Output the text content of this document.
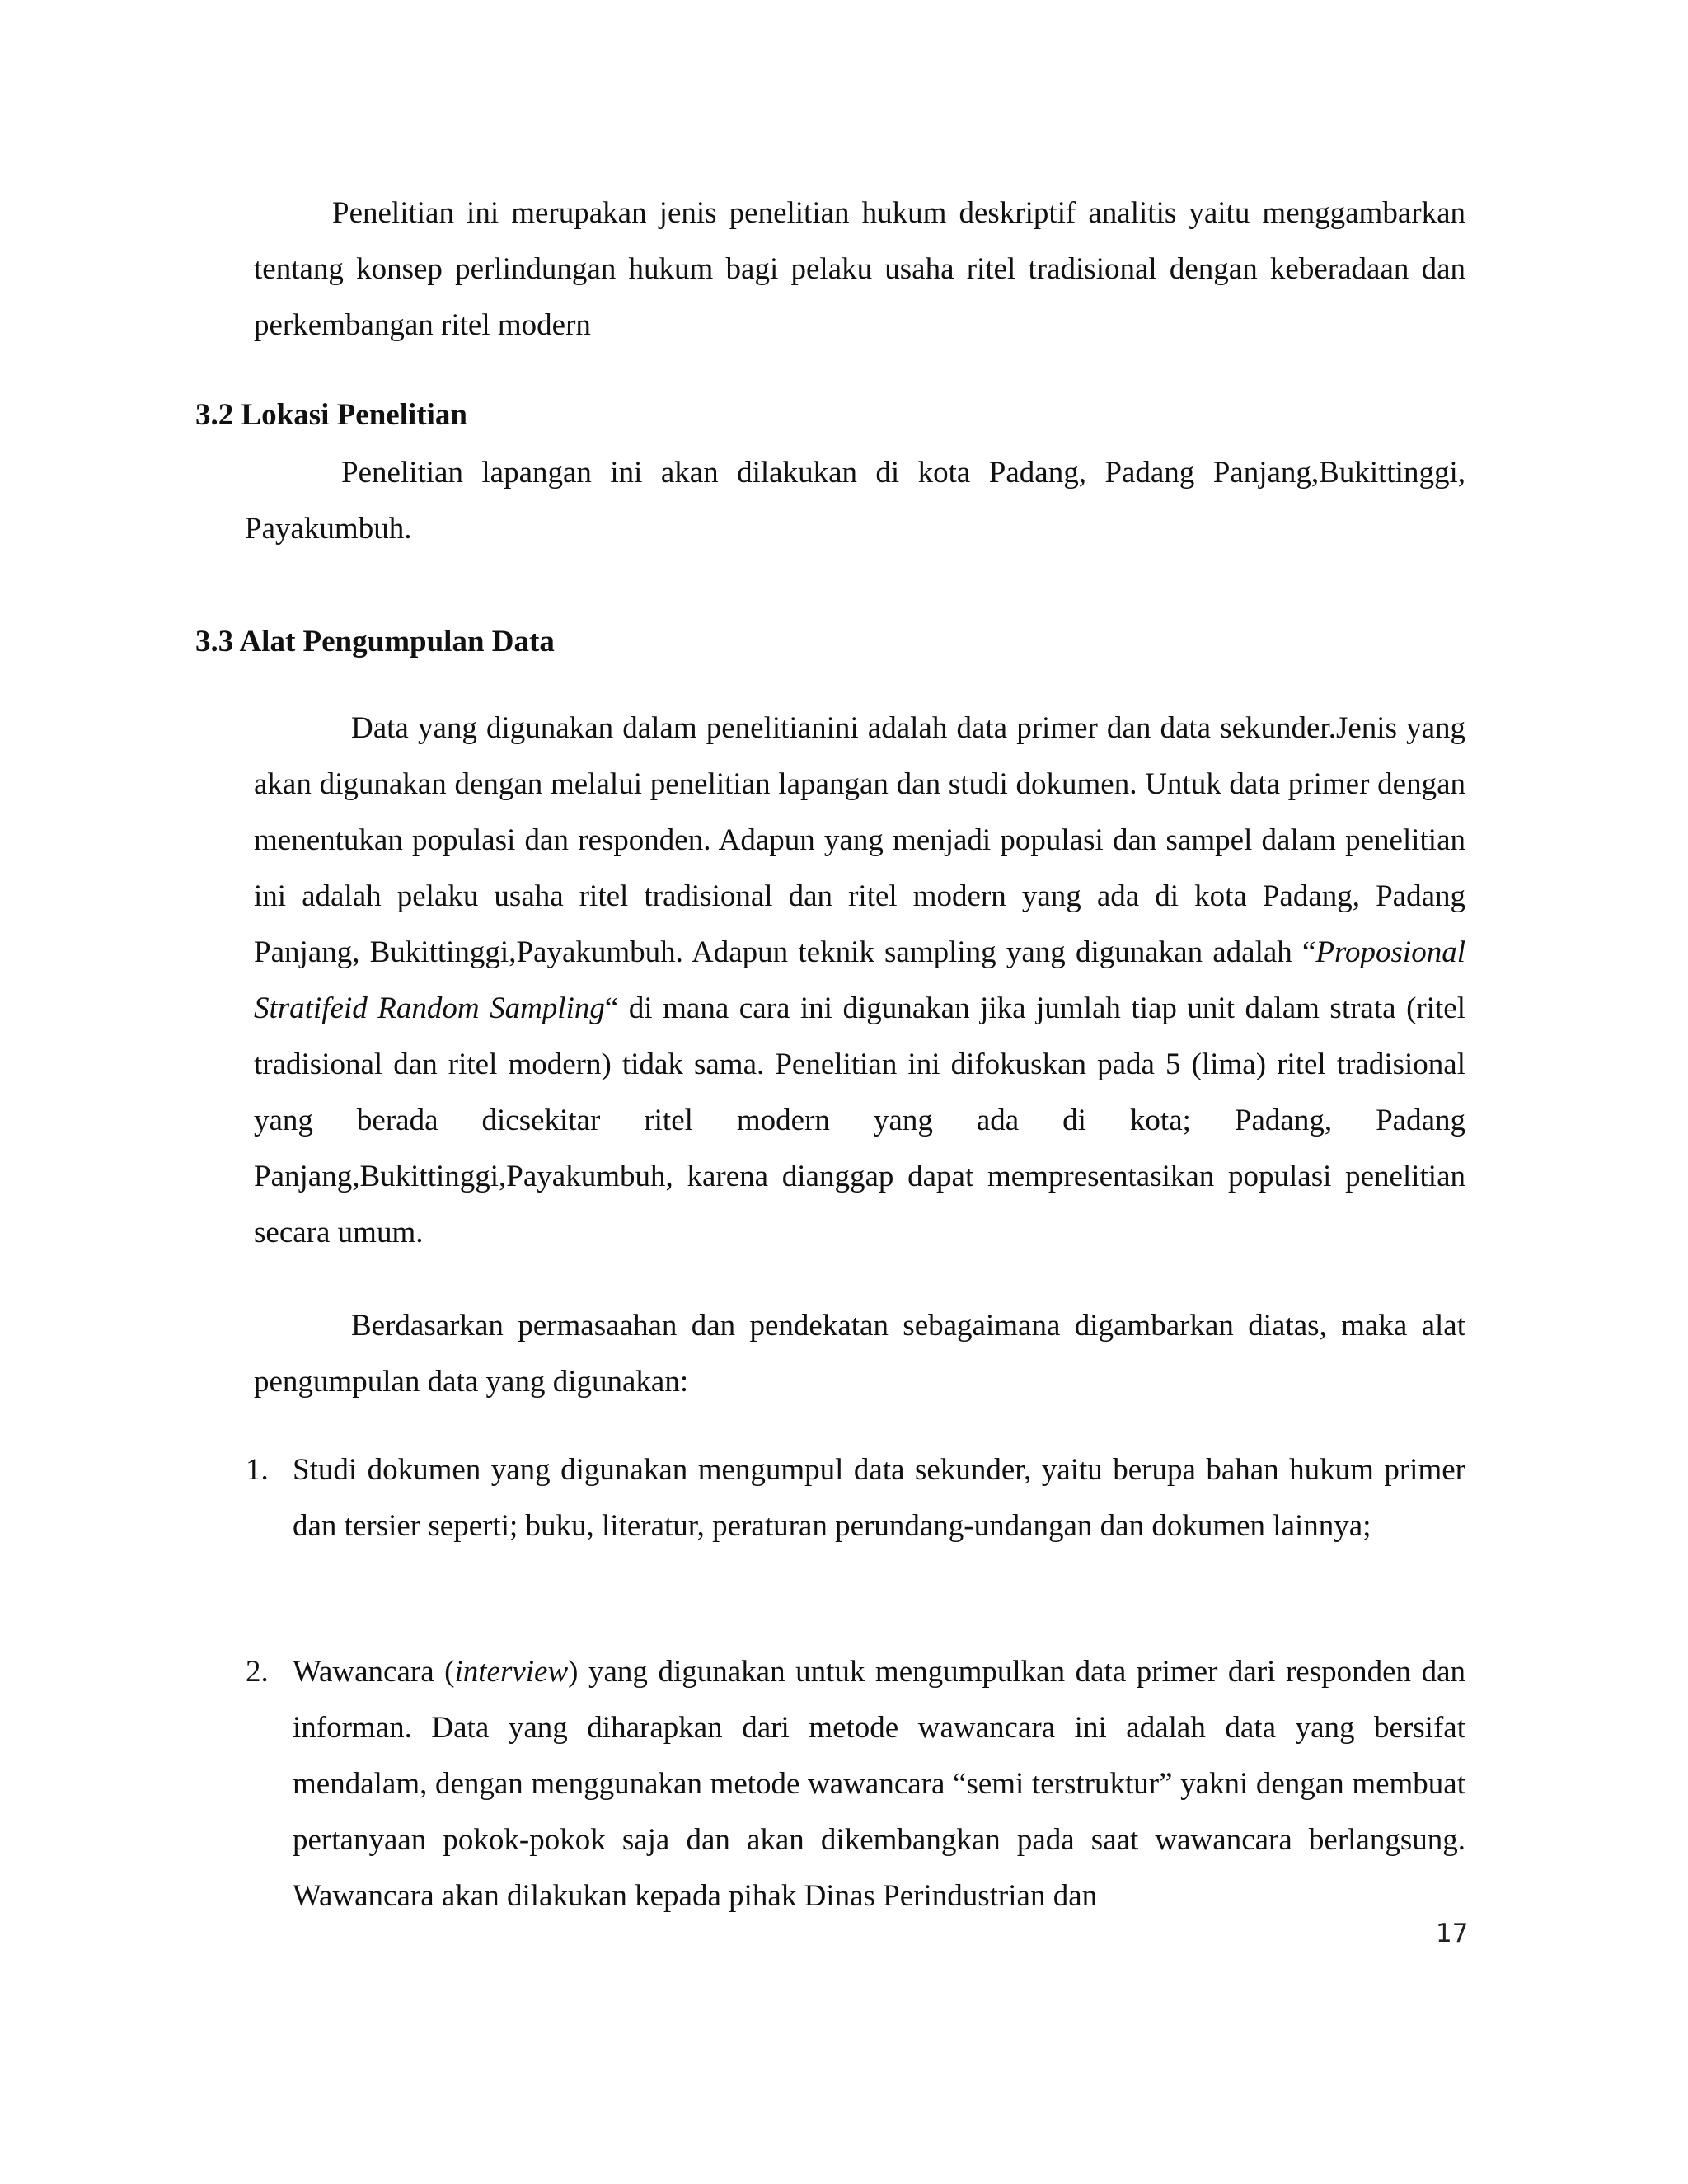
Penelitian ini merupakan jenis penelitian hukum deskriptif analitis yaitu menggambarkan tentang konsep perlindungan hukum bagi pelaku usaha ritel tradisional dengan keberadaan dan perkembangan ritel modern
3.2 Lokasi Penelitian
Penelitian lapangan ini akan dilakukan di kota Padang, Padang Panjang,Bukittinggi, Payakumbuh.
3.3 Alat Pengumpulan Data
Data yang digunakan dalam penelitianini adalah data primer dan data sekunder.Jenis yang akan digunakan dengan melalui penelitian lapangan dan studi dokumen. Untuk data primer dengan menentukan populasi dan responden. Adapun yang menjadi populasi dan sampel dalam penelitian ini adalah pelaku usaha ritel tradisional dan ritel modern yang ada di kota Padang, Padang Panjang, Bukittinggi,Payakumbuh. Adapun teknik sampling yang digunakan adalah “Proposional Stratifeid Random Sampling“ di mana cara ini digunakan jika jumlah tiap unit dalam strata (ritel tradisional dan ritel modern) tidak sama. Penelitian ini difokuskan pada 5 (lima) ritel tradisional yang berada dicsekitar ritel modern yang ada di kota; Padang, Padang Panjang,Bukittinggi,Payakumbuh, karena dianggap dapat mempresentasikan populasi penelitian secara umum.
Berdasarkan permasaahan dan pendekatan sebagaimana digambarkan diatas, maka alat pengumpulan data yang digunakan:
1. Studi dokumen yang digunakan mengumpul data sekunder, yaitu berupa bahan hukum primer dan tersier seperti; buku, literatur, peraturan perundang-undangan dan dokumen lainnya;
2. Wawancara (interview) yang digunakan untuk mengumpulkan data primer dari responden dan informan. Data yang diharapkan dari metode wawancara ini adalah data yang bersifat mendalam, dengan menggunakan metode wawancara “semi terstruktur” yakni dengan membuat pertanyaan pokok-pokok saja dan akan dikembangkan pada saat wawancara berlangsung. Wawancara akan dilakukan kepada pihak Dinas Perindustrian dan
17
